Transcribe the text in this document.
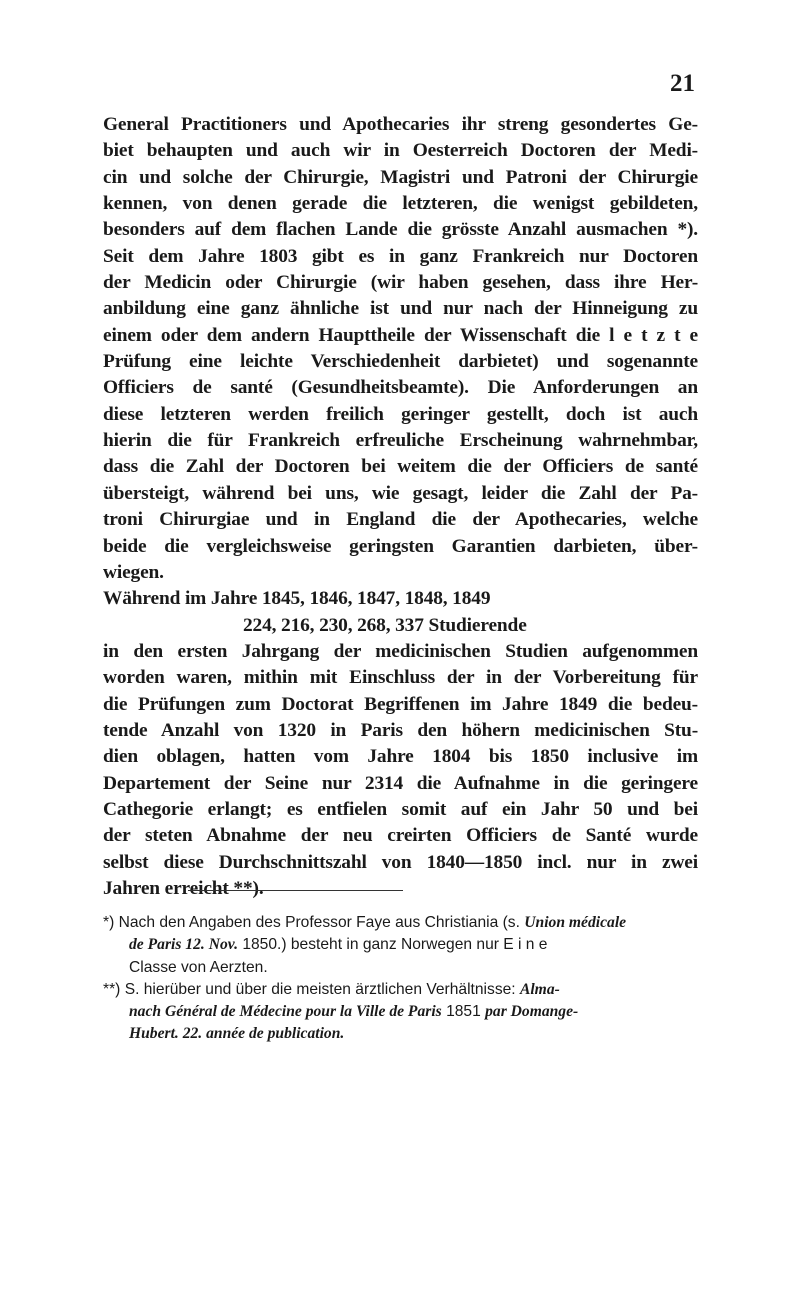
21
General Practitioners und Apothecaries ihr streng gesondertes Ge-
biet behaupten und auch wir in Oesterreich Doctoren der Medi-
cin und solche der Chirurgie, Magistri und Patroni der Chirurgie
kennen, von denen gerade die letzteren, die wenigst gebildeten,
besonders auf dem flachen Lande die grösste Anzahl ausmachen *).
Seit dem Jahre 1803 gibt es in ganz Frankreich nur Doctoren
der Medicin oder Chirurgie (wir haben gesehen, dass ihre Her-
anbildung eine ganz ähnliche ist und nur nach der Hinneigung zu
einem oder dem andern Haupttheile der Wissenschaft die l e t z t e
Prüfung eine leichte Verschiedenheit darbietet) und sogenannte
Officiers de santé (Gesundheitsbeamte). Die Anforderungen an
diese letzteren werden freilich geringer gestellt, doch ist auch
hierin die für Frankreich erfreuliche Erscheinung wahrnehmbar,
dass die Zahl der Doctoren bei weitem die der Officiers de santé
übersteigt, während bei uns, wie gesagt, leider die Zahl der Pa-
troni Chirurgiae und in England die der Apothecaries, welche
beide die vergleichsweise geringsten Garantien darbieten, über-
wiegen.
Während im Jahre 1845, 1846, 1847, 1848, 1849
224, 216, 230, 268, 337 Studierende
in den ersten Jahrgang der medicinischen Studien aufgenommen
worden waren, mithin mit Einschluss der in der Vorbereitung für
die Prüfungen zum Doctorat Begriffenen im Jahre 1849 die bedeu-
tende Anzahl von 1320 in Paris den höhern medicinischen Stu-
dien oblagen, hatten vom Jahre 1804 bis 1850 inclusive im
Departement der Seine nur 2314 die Aufnahme in die geringere
Cathegorie erlangt; es entfielen somit auf ein Jahr 50 und bei
der steten Abnahme der neu creirten Officiers de Santé wurde
selbst diese Durchschnittszahl von 1840—1850 incl. nur in zwei
Jahren erreicht **).
*) Nach den Angaben des Professor Faye aus Christiania (s. Union médicale
de Paris 12. Nov. 1850.) besteht in ganz Norwegen nur E i n e
Classe von Aerzten.
**) S. hierüber und über die meisten ärztlichen Verhältnisse: Alma-
nach Général de Médecine pour la Ville de Paris 1851 par Domange-
Hubert. 22. année de publication.
